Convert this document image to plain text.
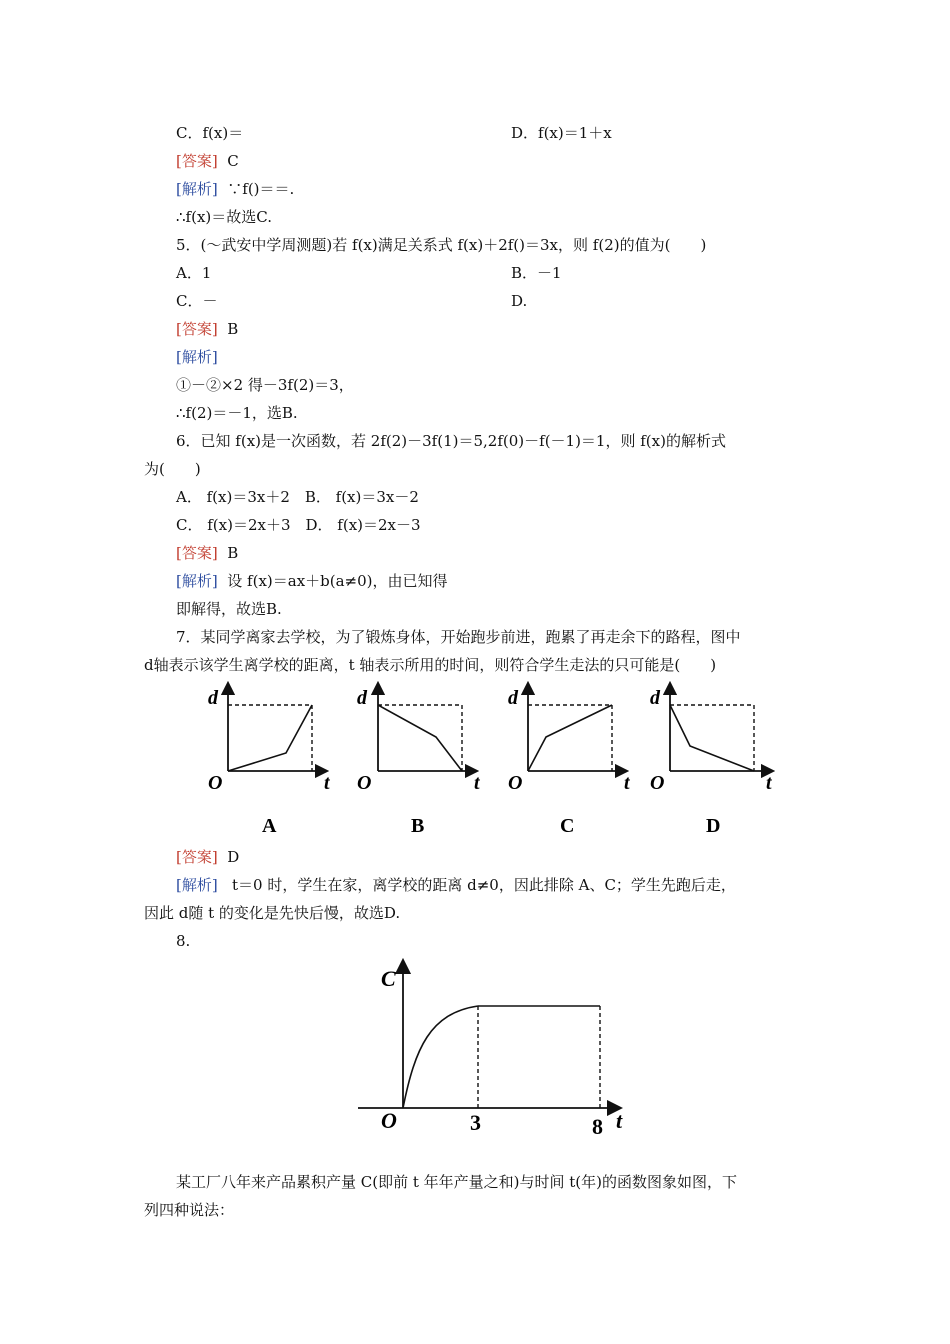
C．f(x)＝	D．f(x)＝1＋x
[答案] C
[解析] ∵f()＝＝.
∴f(x)＝故选C.
5．(～武安中学周测题)若 f(x)满足关系式 f(x)＋2f()＝3x，则 f(2)的值为(　　)
A．1	B．－1
C．－	D.
[答案] B
[解析]
①－②×2 得－3f(2)＝3，
∴f(2)＝－1，选B.
6．已知 f(x)是一次函数，若 2f(2)－3f(1)＝5,2f(0)－f(－1)＝1，则 f(x)的解析式
为(　　)
A． f(x)＝3x＋2　B． f(x)＝3x－2
C． f(x)＝2x＋3　D． f(x)＝2x－3
[答案] B
[解析] 设 f(x)＝ax＋b(a≠0)，由已知得
即解得，故选B.
7．某同学离家去学校，为了锻炼身体，开始跑步前进，跑累了再走余下的路程，图中
d轴表示该学生离学校的距离，t 轴表示所用的时间，则符合学生走法的只可能是(　　)
d
t
O
A
d
t
O
B
d
t
O
C
d
t
O
D
[答案] D
[解析] t＝0 时，学生在家，离学校的距离 d≠0，因此排除 A、C；学生先跑后走，
因此 d随 t 的变化是先快后慢，故选D.
8.
C
t
O	3	8
某工厂八年来产品累积产量 C(即前 t 年年产量之和)与时间 t(年)的函数图象如图，下
列四种说法：
